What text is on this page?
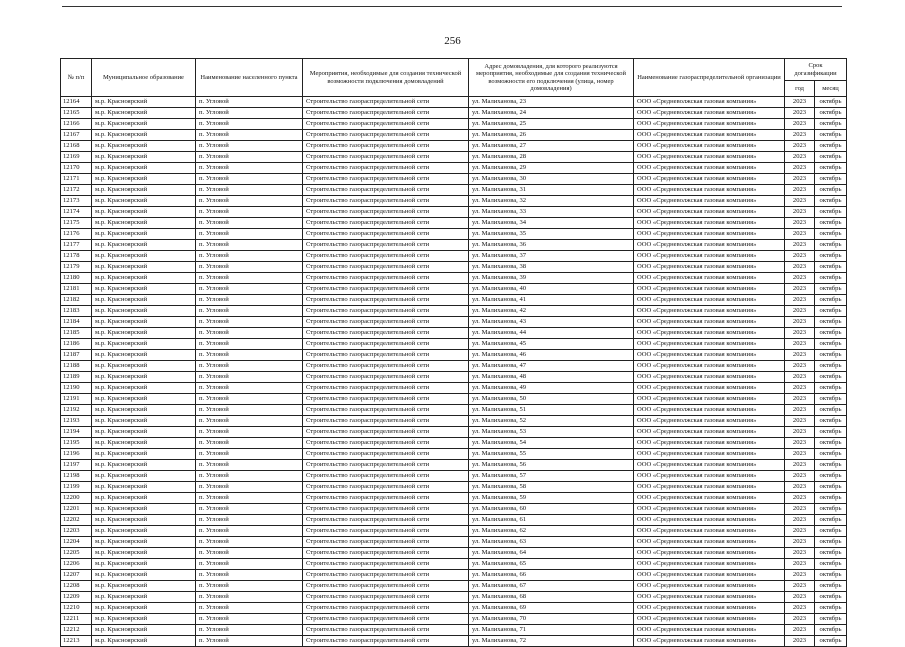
256
№ п/п	Муниципальное образование	Наименование населенного пункта	Мероприятия, необходимые для создания технической возможности подключения домовладений	Адрес домовладения, для которого реализуются мероприятия, необходимые для создания технической возможности его подключения (улица, номер домовладения)	Наименование газораспределительной организации	Срок догазификации	
						год	месяц
12164	м.р. Красноярский	п. Угловой	Строительство газораспределительной сети	ул. Малиханова, 23	ООО «Средневолжская газовая компания»	2023	октябрь
12165	м.р. Красноярский	п. Угловой	Строительство газораспределительной сети	ул. Малиханова, 24	ООО «Средневолжская газовая компания»	2023	октябрь
12166	м.р. Красноярский	п. Угловой	Строительство газораспределительной сети	ул. Малиханова, 25	ООО «Средневолжская газовая компания»	2023	октябрь
12167	м.р. Красноярский	п. Угловой	Строительство газораспределительной сети	ул. Малиханова, 26	ООО «Средневолжская газовая компания»	2023	октябрь
12168	м.р. Красноярский	п. Угловой	Строительство газораспределительной сети	ул. Малиханова, 27	ООО «Средневолжская газовая компания»	2023	октябрь
12169	м.р. Красноярский	п. Угловой	Строительство газораспределительной сети	ул. Малиханова, 28	ООО «Средневолжская газовая компания»	2023	октябрь
12170	м.р. Красноярский	п. Угловой	Строительство газораспределительной сети	ул. Малиханова, 29	ООО «Средневолжская газовая компания»	2023	октябрь
12171	м.р. Красноярский	п. Угловой	Строительство газораспределительной сети	ул. Малиханова, 30	ООО «Средневолжская газовая компания»	2023	октябрь
12172	м.р. Красноярский	п. Угловой	Строительство газораспределительной сети	ул. Малиханова, 31	ООО «Средневолжская газовая компания»	2023	октябрь
12173	м.р. Красноярский	п. Угловой	Строительство газораспределительной сети	ул. Малиханова, 32	ООО «Средневолжская газовая компания»	2023	октябрь
12174	м.р. Красноярский	п. Угловой	Строительство газораспределительной сети	ул. Малиханова, 33	ООО «Средневолжская газовая компания»	2023	октябрь
12175	м.р. Красноярский	п. Угловой	Строительство газораспределительной сети	ул. Малиханова, 34	ООО «Средневолжская газовая компания»	2023	октябрь
12176	м.р. Красноярский	п. Угловой	Строительство газораспределительной сети	ул. Малиханова, 35	ООО «Средневолжская газовая компания»	2023	октябрь
12177	м.р. Красноярский	п. Угловой	Строительство газораспределительной сети	ул. Малиханова, 36	ООО «Средневолжская газовая компания»	2023	октябрь
12178	м.р. Красноярский	п. Угловой	Строительство газораспределительной сети	ул. Малиханова, 37	ООО «Средневолжская газовая компания»	2023	октябрь
12179	м.р. Красноярский	п. Угловой	Строительство газораспределительной сети	ул. Малиханова, 38	ООО «Средневолжская газовая компания»	2023	октябрь
12180	м.р. Красноярский	п. Угловой	Строительство газораспределительной сети	ул. Малиханова, 39	ООО «Средневолжская газовая компания»	2023	октябрь
12181	м.р. Красноярский	п. Угловой	Строительство газораспределительной сети	ул. Малиханова, 40	ООО «Средневолжская газовая компания»	2023	октябрь
12182	м.р. Красноярский	п. Угловой	Строительство газораспределительной сети	ул. Малиханова, 41	ООО «Средневолжская газовая компания»	2023	октябрь
12183	м.р. Красноярский	п. Угловой	Строительство газораспределительной сети	ул. Малиханова, 42	ООО «Средневолжская газовая компания»	2023	октябрь
12184	м.р. Красноярский	п. Угловой	Строительство газораспределительной сети	ул. Малиханова, 43	ООО «Средневолжская газовая компания»	2023	октябрь
12185	м.р. Красноярский	п. Угловой	Строительство газораспределительной сети	ул. Малиханова, 44	ООО «Средневолжская газовая компания»	2023	октябрь
12186	м.р. Красноярский	п. Угловой	Строительство газораспределительной сети	ул. Малиханова, 45	ООО «Средневолжская газовая компания»	2023	октябрь
12187	м.р. Красноярский	п. Угловой	Строительство газораспределительной сети	ул. Малиханова, 46	ООО «Средневолжская газовая компания»	2023	октябрь
12188	м.р. Красноярский	п. Угловой	Строительство газораспределительной сети	ул. Малиханова, 47	ООО «Средневолжская газовая компания»	2023	октябрь
12189	м.р. Красноярский	п. Угловой	Строительство газораспределительной сети	ул. Малиханова, 48	ООО «Средневолжская газовая компания»	2023	октябрь
12190	м.р. Красноярский	п. Угловой	Строительство газораспределительной сети	ул. Малиханова, 49	ООО «Средневолжская газовая компания»	2023	октябрь
12191	м.р. Красноярский	п. Угловой	Строительство газораспределительной сети	ул. Малиханова, 50	ООО «Средневолжская газовая компания»	2023	октябрь
12192	м.р. Красноярский	п. Угловой	Строительство газораспределительной сети	ул. Малиханова, 51	ООО «Средневолжская газовая компания»	2023	октябрь
12193	м.р. Красноярский	п. Угловой	Строительство газораспределительной сети	ул. Малиханова, 52	ООО «Средневолжская газовая компания»	2023	октябрь
12194	м.р. Красноярский	п. Угловой	Строительство газораспределительной сети	ул. Малиханова, 53	ООО «Средневолжская газовая компания»	2023	октябрь
12195	м.р. Красноярский	п. Угловой	Строительство газораспределительной сети	ул. Малиханова, 54	ООО «Средневолжская газовая компания»	2023	октябрь
12196	м.р. Красноярский	п. Угловой	Строительство газораспределительной сети	ул. Малиханова, 55	ООО «Средневолжская газовая компания»	2023	октябрь
12197	м.р. Красноярский	п. Угловой	Строительство газораспределительной сети	ул. Малиханова, 56	ООО «Средневолжская газовая компания»	2023	октябрь
12198	м.р. Красноярский	п. Угловой	Строительство газораспределительной сети	ул. Малиханова, 57	ООО «Средневолжская газовая компания»	2023	октябрь
12199	м.р. Красноярский	п. Угловой	Строительство газораспределительной сети	ул. Малиханова, 58	ООО «Средневолжская газовая компания»	2023	октябрь
12200	м.р. Красноярский	п. Угловой	Строительство газораспределительной сети	ул. Малиханова, 59	ООО «Средневолжская газовая компания»	2023	октябрь
12201	м.р. Красноярский	п. Угловой	Строительство газораспределительной сети	ул. Малиханова, 60	ООО «Средневолжская газовая компания»	2023	октябрь
12202	м.р. Красноярский	п. Угловой	Строительство газораспределительной сети	ул. Малиханова, 61	ООО «Средневолжская газовая компания»	2023	октябрь
12203	м.р. Красноярский	п. Угловой	Строительство газораспределительной сети	ул. Малиханова, 62	ООО «Средневолжская газовая компания»	2023	октябрь
12204	м.р. Красноярский	п. Угловой	Строительство газораспределительной сети	ул. Малиханова, 63	ООО «Средневолжская газовая компания»	2023	октябрь
12205	м.р. Красноярский	п. Угловой	Строительство газораспределительной сети	ул. Малиханова, 64	ООО «Средневолжская газовая компания»	2023	октябрь
12206	м.р. Красноярский	п. Угловой	Строительство газораспределительной сети	ул. Малиханова, 65	ООО «Средневолжская газовая компания»	2023	октябрь
12207	м.р. Красноярский	п. Угловой	Строительство газораспределительной сети	ул. Малиханова, 66	ООО «Средневолжская газовая компания»	2023	октябрь
12208	м.р. Красноярский	п. Угловой	Строительство газораспределительной сети	ул. Малиханова, 67	ООО «Средневолжская газовая компания»	2023	октябрь
12209	м.р. Красноярский	п. Угловой	Строительство газораспределительной сети	ул. Малиханова, 68	ООО «Средневолжская газовая компания»	2023	октябрь
12210	м.р. Красноярский	п. Угловой	Строительство газораспределительной сети	ул. Малиханова, 69	ООО «Средневолжская газовая компания»	2023	октябрь
12211	м.р. Красноярский	п. Угловой	Строительство газораспределительной сети	ул. Малиханова, 70	ООО «Средневолжская газовая компания»	2023	октябрь
12212	м.р. Красноярский	п. Угловой	Строительство газораспределительной сети	ул. Малиханова, 71	ООО «Средневолжская газовая компания»	2023	октябрь
12213	м.р. Красноярский	п. Угловой	Строительство газораспределительной сети	ул. Малиханова, 72	ООО «Средневолжская газовая компания»	2023	октябрь
